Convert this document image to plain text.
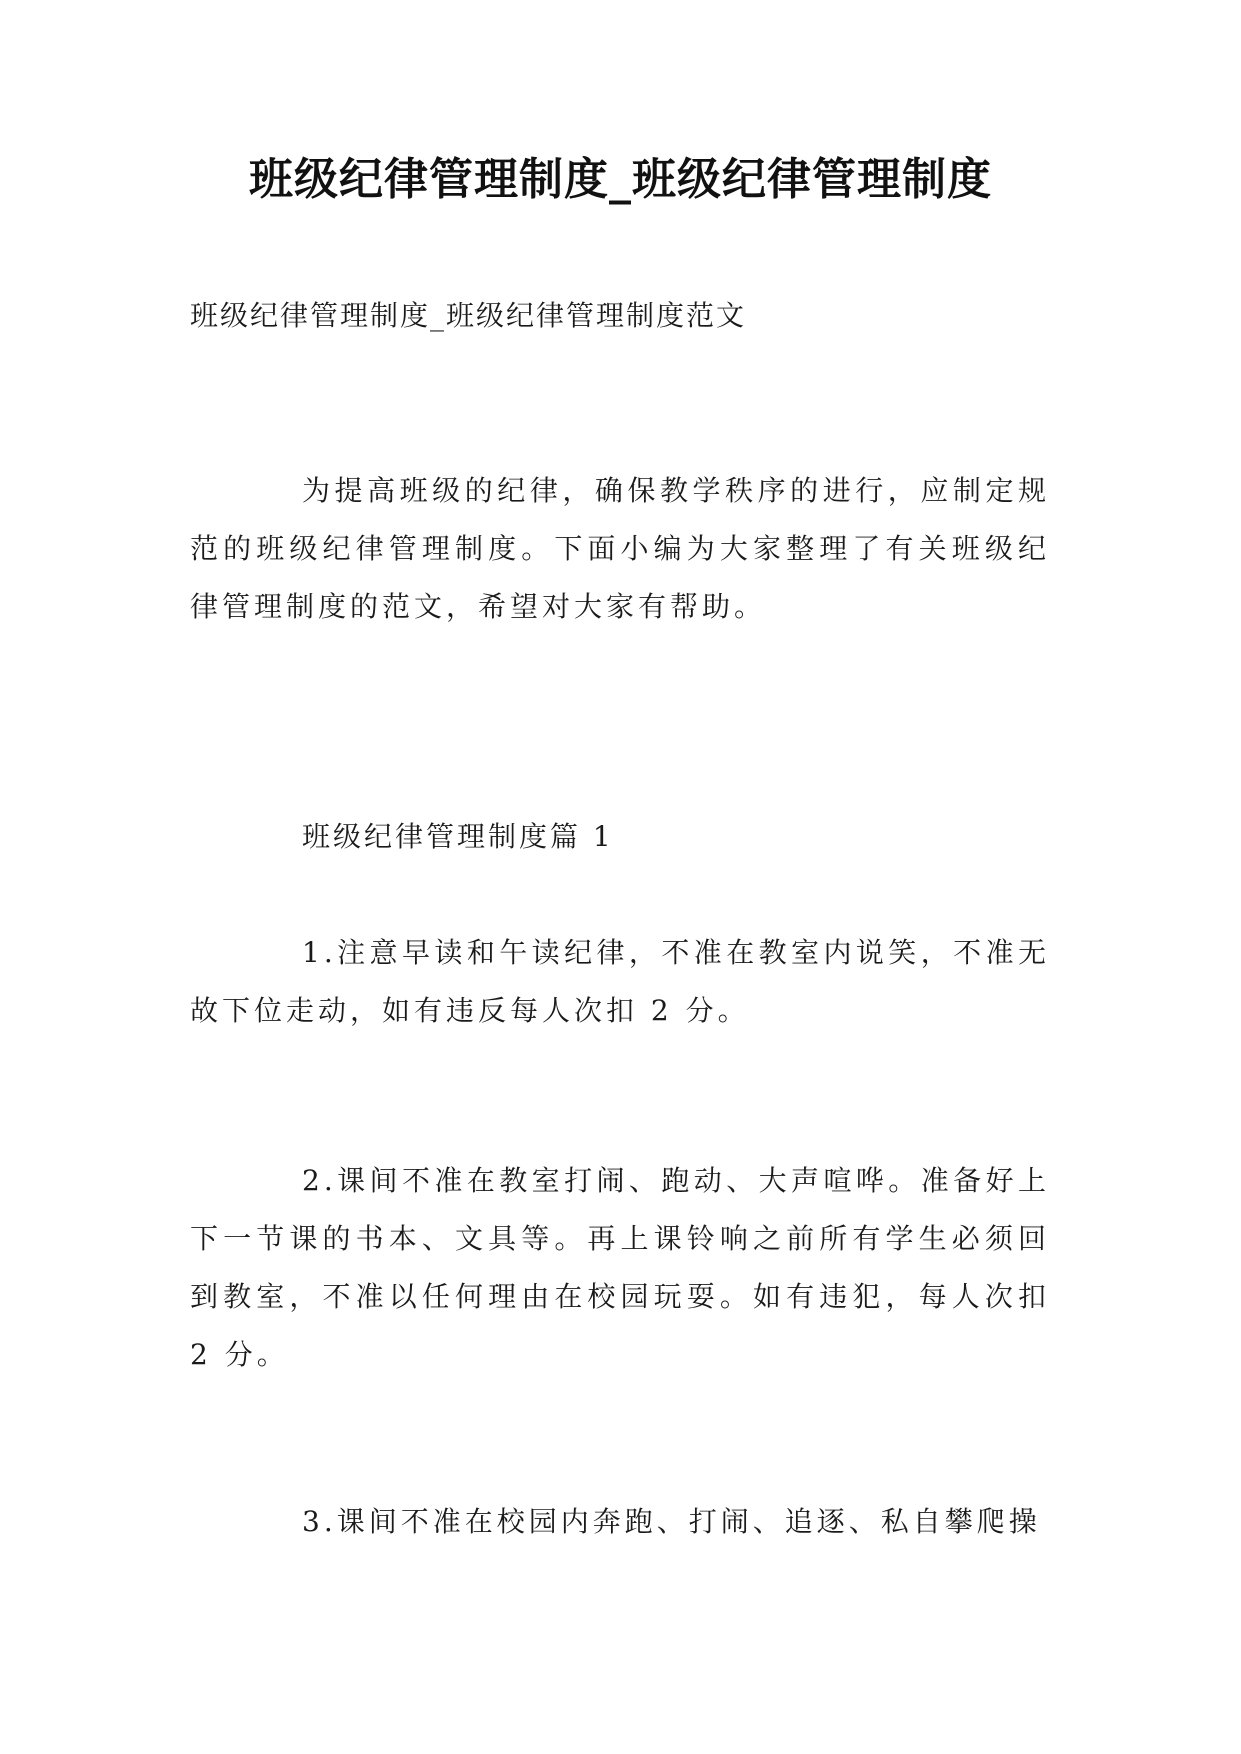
班级纪律管理制度_班级纪律管理制度
班级纪律管理制度_班级纪律管理制度范文
为提高班级的纪律，确保教学秩序的进行，应制定规范的班级纪律管理制度。下面小编为大家整理了有关班级纪律管理制度的范文，希望对大家有帮助。
班级纪律管理制度篇 1
1.注意早读和午读纪律，不准在教室内说笑，不准无故下位走动，如有违反每人次扣 2 分。
2.课间不准在教室打闹、跑动、大声喧哗。准备好上下一节课的书本、文具等。再上课铃响之前所有学生必须回到教室，不准以任何理由在校园玩耍。如有违犯，每人次扣 2 分。
3.课间不准在校园内奔跑、打闹、追逐、私自攀爬操
